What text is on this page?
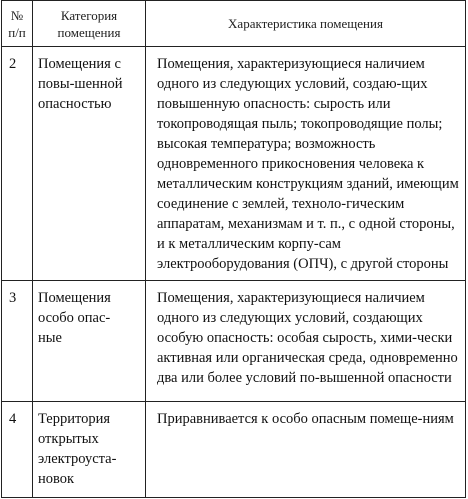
№ п/п	Категория помещения	Характеристика помещения
2	Помещения с повы-шенной опасностью	Помещения, характеризующиеся наличием одного из следующих условий, создаю-щих повышенную опасность: сырость или токопроводящая пыль; токопроводящие полы; высокая температура; возможность одновременного прикосновения человека к металлическим конструкциям зданий, имеющим соединение с землей, техноло-гическим аппаратам, механизмам и т. п., с одной стороны, и к металлическим корпу-сам электрооборудования (ОПЧ), с другой стороны

3	Помещения особо опас-ные	Помещения, характеризующиеся наличием одного из следующих условий, создающих особую опасность: особая сырость, хими-чески активная или органическая среда, одновременно два или более условий по-вышенной опасности

4	Территория открытых электроуста-новок	Приравнивается к особо опасным помеще-ниям
